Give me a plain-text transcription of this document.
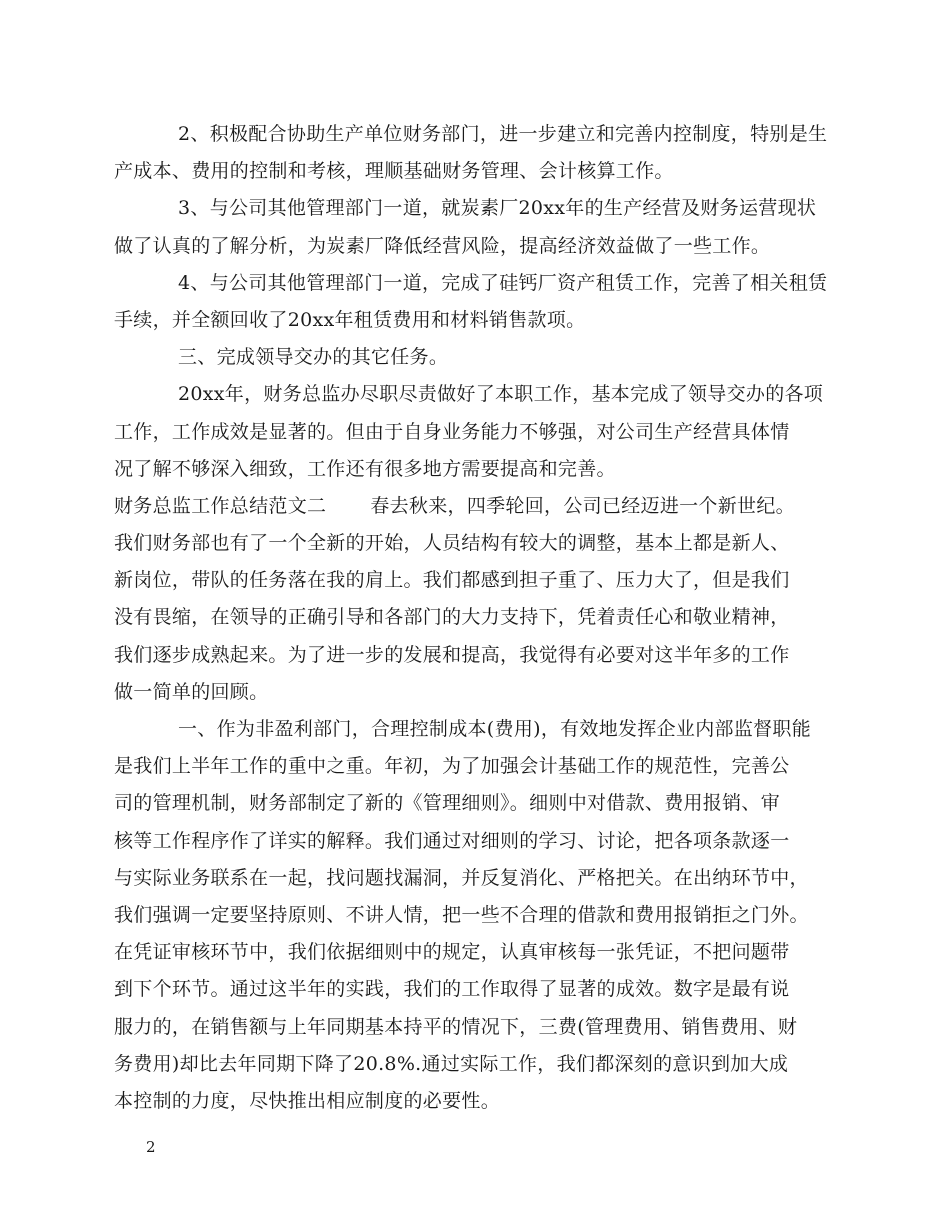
2、积极配合协助生产单位财务部门，进一步建立和完善内控制度，特别是生
产成本、费用的控制和考核，理顺基础财务管理、会计核算工作。
3、与公司其他管理部门一道，就炭素厂20xx年的生产经营及财务运营现状
做了认真的了解分析，为炭素厂降低经营风险，提高经济效益做了一些工作。
4、与公司其他管理部门一道，完成了硅钙厂资产租赁工作，完善了相关租赁
手续，并全额回收了20xx年租赁费用和材料销售款项。
三、完成领导交办的其它任务。
20xx年，财务总监办尽职尽责做好了本职工作，基本完成了领导交办的各项
工作，工作成效是显著的。但由于自身业务能力不够强，对公司生产经营具体情
况了解不够深入细致，工作还有很多地方需要提高和完善。
财务总监工作总结范文二 春去秋来，四季轮回，公司已经迈进一个新世纪。
我们财务部也有了一个全新的开始，人员结构有较大的调整，基本上都是新人、
新岗位，带队的任务落在我的肩上。我们都感到担子重了、压力大了，但是我们
没有畏缩，在领导的正确引导和各部门的大力支持下，凭着责任心和敬业精神，
我们逐步成熟起来。为了进一步的发展和提高，我觉得有必要对这半年多的工作
做一简单的回顾。
一、作为非盈利部门，合理控制成本(费用)，有效地发挥企业内部监督职能
是我们上半年工作的重中之重。年初，为了加强会计基础工作的规范性，完善公
司的管理机制，财务部制定了新的《管理细则》。细则中对借款、费用报销、审
核等工作程序作了详实的解释。我们通过对细则的学习、讨论，把各项条款逐一
与实际业务联系在一起，找问题找漏洞，并反复消化、严格把关。在出纳环节中，
我们强调一定要坚持原则、不讲人情，把一些不合理的借款和费用报销拒之门外。
在凭证审核环节中，我们依据细则中的规定，认真审核每一张凭证，不把问题带
到下个环节。通过这半年的实践，我们的工作取得了显著的成效。数字是最有说
服力的，在销售额与上年同期基本持平的情况下，三费(管理费用、销售费用、财
务费用)却比去年同期下降了20.8%.通过实际工作，我们都深刻的意识到加大成
本控制的力度，尽快推出相应制度的必要性。
2
